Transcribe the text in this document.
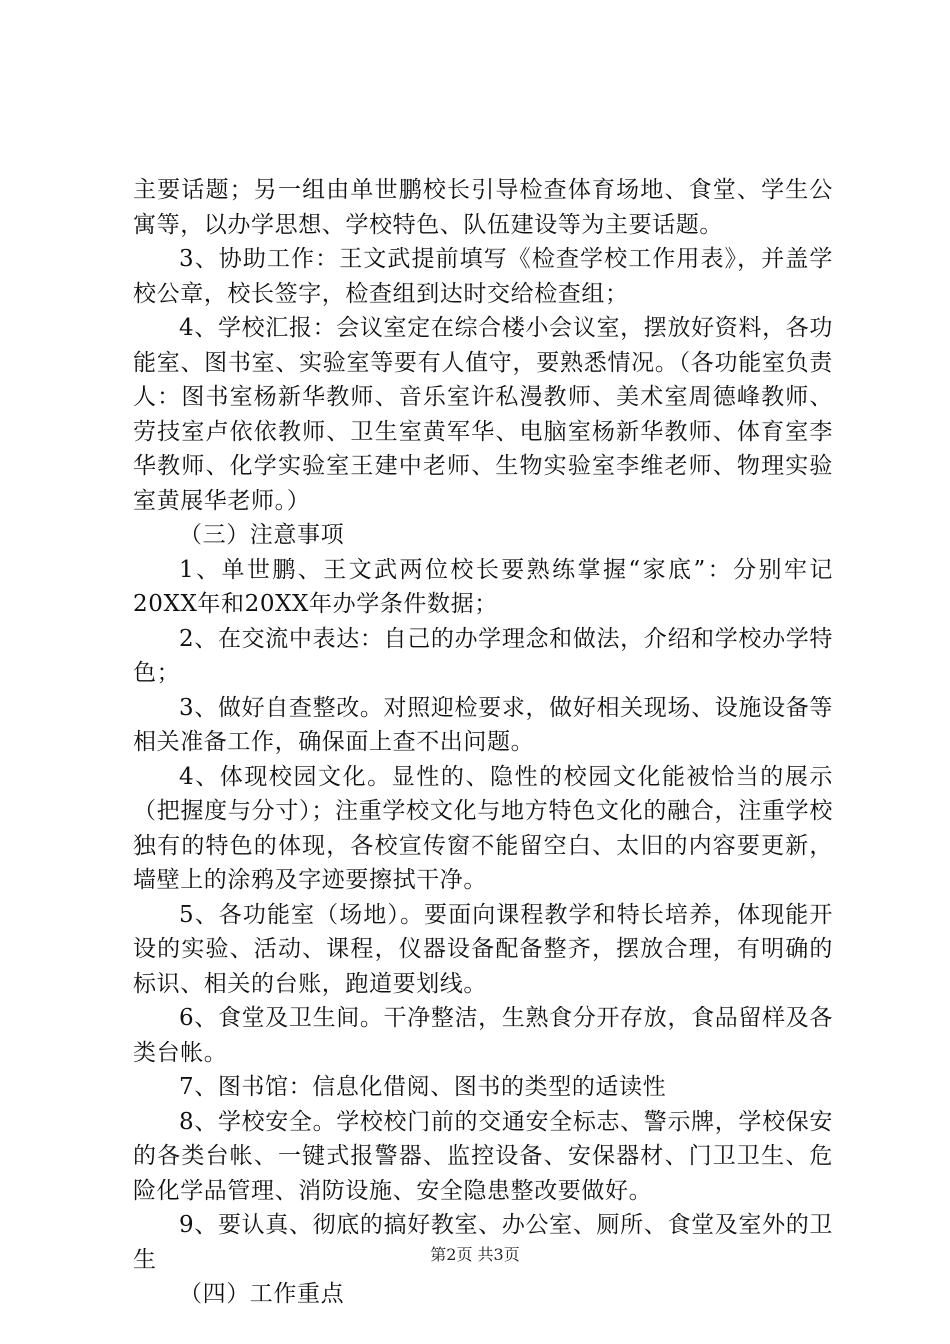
主要话题；另一组由单世鹏校长引导检查体育场地、食堂、学生公寓等，以办学思想、学校特色、队伍建设等为主要话题。

3、协助工作：王文武提前填写《检查学校工作用表》，并盖学校公章，校长签字，检查组到达时交给检查组；

4、学校汇报：会议室定在综合楼小会议室，摆放好资料，各功能室、图书室、实验室等要有人值守，要熟悉情况。（各功能室负责人：图书室杨新华教师、音乐室许私漫教师、美术室周德峰教师、劳技室卢依依教师、卫生室黄军华、电脑室杨新华教师、体育室李华教师、化学实验室王建中老师、生物实验室李维老师、物理实验室黄展华老师。）

（三）注意事项

1、单世鹏、王文武两位校长要熟练掌握“家底”：分别牢记20XX年和20XX年办学条件数据；

2、在交流中表达：自己的办学理念和做法，介绍和学校办学特色；

3、做好自查整改。对照迎检要求，做好相关现场、设施设备等相关准备工作，确保面上查不出问题。

4、体现校园文化。显性的、隐性的校园文化能被恰当的展示（把握度与分寸）；注重学校文化与地方特色文化的融合，注重学校独有的特色的体现，各校宣传窗不能留空白、太旧的内容要更新，墙壁上的涂鸦及字迹要擦拭干净。

5、各功能室（场地）。要面向课程教学和特长培养，体现能开设的实验、活动、课程，仪器设备配备整齐，摆放合理，有明确的标识、相关的台账，跑道要划线。

6、食堂及卫生间。干净整洁，生熟食分开存放，食品留样及各类台帐。

7、图书馆：信息化借阅、图书的类型的适读性

8、学校安全。学校校门前的交通安全标志、警示牌，学校保安的各类台帐、一键式报警器、监控设备、安保器材、门卫卫生、危险化学品管理、消防设施、安全隐患整改要做好。

9、要认真、彻底的搞好教室、办公室、厕所、食堂及室外的卫生

（四）工作重点

第2页 共3页
